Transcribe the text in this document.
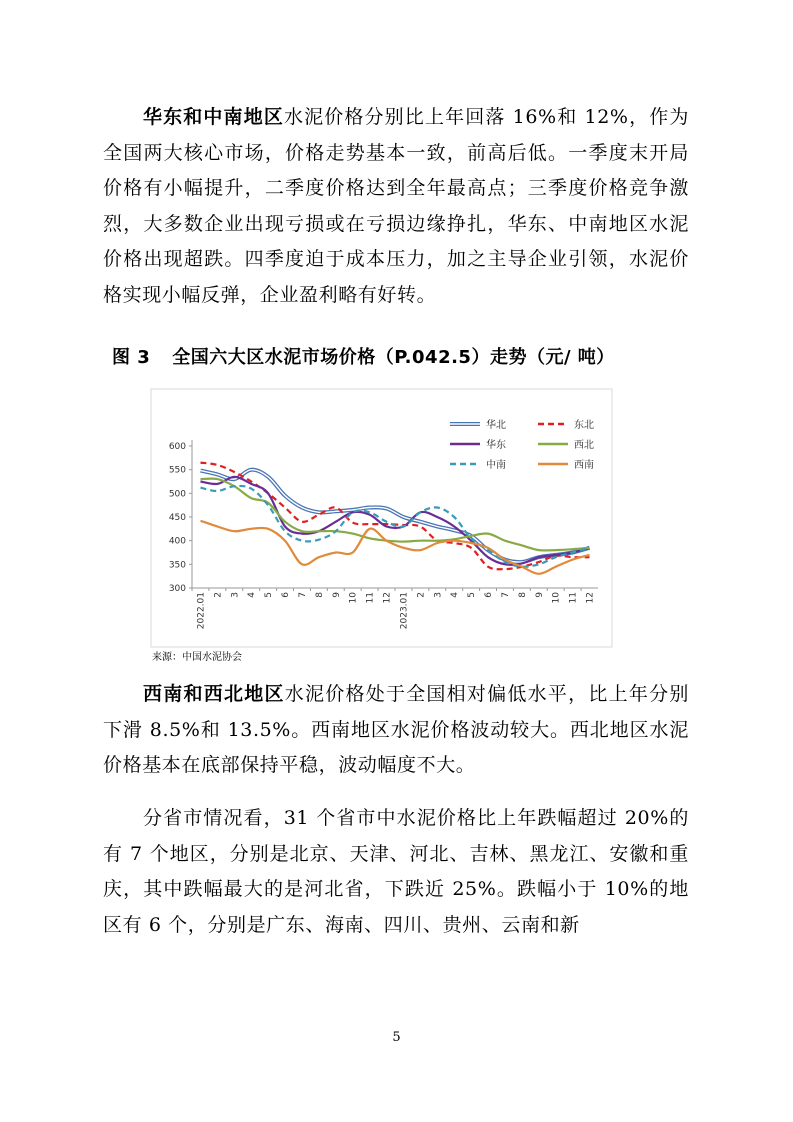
华东和中南地区水泥价格分别比上年回落 16%和 12%，作为全国两大核心市场，价格走势基本一致，前高后低。一季度末开局价格有小幅提升，二季度价格达到全年最高点；三季度价格竞争激烈，大多数企业出现亏损或在亏损边缘挣扎，华东、中南地区水泥价格出现超跌。四季度迫于成本压力，加之主导企业引领，水泥价格实现小幅反弹，企业盈利略有好转。

图 3 全国六大区水泥市场价格（P.042.5）走势（元/ 吨）

600
550
500
450
400
350
300
2022.01 2 3 4 5 6 7 8 9 10 11 12 2023.01 2 3 4 5 6 7 8 9 10 11 12
华北	东北
华东	西北
中南	西南

来源：中国水泥协会

西南和西北地区水泥价格处于全国相对偏低水平，比上年分别下滑 8.5%和 13.5%。西南地区水泥价格波动较大。西北地区水泥价格基本在底部保持平稳，波动幅度不大。

分省市情况看，31 个省市中水泥价格比上年跌幅超过 20%的有 7 个地区，分别是北京、天津、河北、吉林、黑龙江、安徽和重庆，其中跌幅最大的是河北省，下跌近 25%。跌幅小于 10%的地区有 6 个，分别是广东、海南、四川、贵州、云南和新

5
